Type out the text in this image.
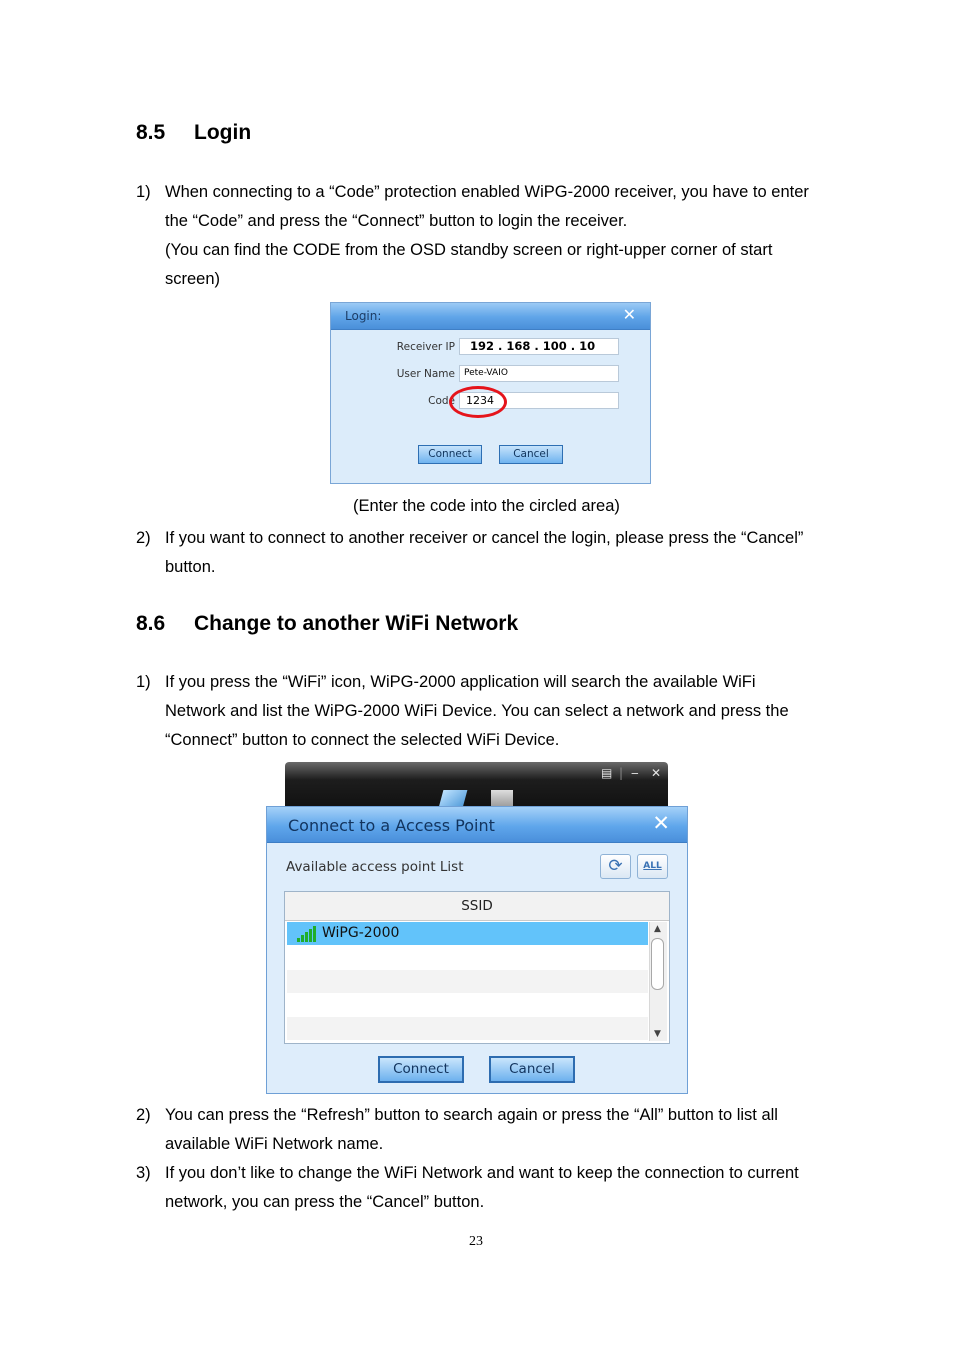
8.5 Login
1) When connecting to a “Code” protection enabled WiPG-2000 receiver, you have to enter the “Code” and press the “Connect” button to login the receiver.
(You can find the CODE from the OSD standby screen or right-upper corner of start screen)
Login:	✕
Receiver IP	192 . 168 . 100 . 10
User Name	Pete-VAIO
Code	1234
Connect	Cancel
(Enter the code into the circled area)
2) If you want to connect to another receiver or cancel the login, please press the “Cancel” button.
8.6 Change to another WiFi Network
1) If you press the “WiFi” icon, WiPG-2000 application will search the available WiFi Network and list the WiPG-2000 WiFi Device. You can select a network and press the “Connect” button to connect the selected WiFi Device.
▤ | ‒ ✕
Connect to a Access Point	✕
Available access point List	⟳	ALL
SSID
WiPG-2000	▲
▼
Connect	Cancel
2) You can press the “Refresh” button to search again or press the “All” button to list all available WiFi Network name.
3) If you don’t like to change the WiFi Network and want to keep the connection to current network, you can press the “Cancel” button.
23
